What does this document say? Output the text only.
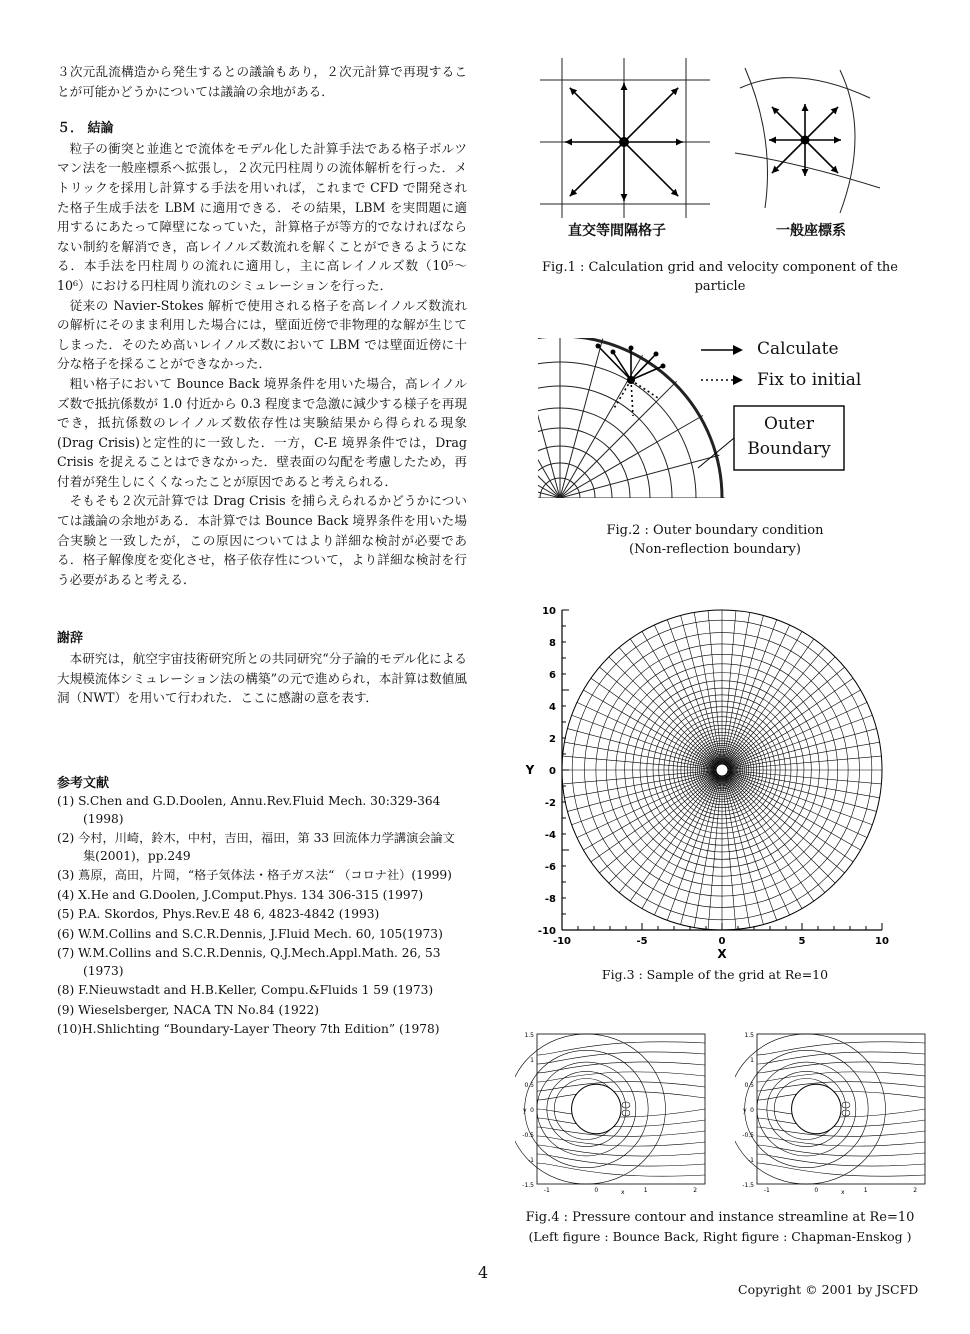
３次元乱流構造から発生するとの議論もあり，２次元計算で再現することが可能かどうかについては議論の余地がある．

５． 結論

粒子の衝突と並進とで流体をモデル化した計算手法である格子ボルツマン法を一般座標系へ拡張し，２次元円柱周りの流体解析を行った．メトリックを採用し計算する手法を用いれば，これまで CFD で開発された格子生成手法を LBM に適用できる．その結果，LBM を実問題に適用するにあたって障壁になっていた，計算格子が等方的でなければならない制約を解消でき，高レイノルズ数流れを解くことができるようになる．本手法を円柱周りの流れに適用し，主に高レイノルズ数（10⁵〜10⁶）における円柱周り流れのシミュレーションを行った．

従来の Navier-Stokes 解析で使用される格子を高レイノルズ数流れの解析にそのまま利用した場合には，壁面近傍で非物理的な解が生じてしまった．そのため高いレイノルズ数において LBM では壁面近傍に十分な格子を採ることができなかった．

粗い格子において Bounce Back 境界条件を用いた場合，高レイノルズ数で抵抗係数が 1.0 付近から 0.3 程度まで急激に減少する様子を再現でき，抵抗係数のレイノルズ数依存性は実験結果から得られる現象(Drag Crisis)と定性的に一致した．一方，C-E 境界条件では，Drag Crisis を捉えることはできなかった．壁表面の勾配を考慮したため，再付着が発生しにくくなったことが原因であると考えられる．

そもそも２次元計算では Drag Crisis を捕らえられるかどうかについては議論の余地がある．本計算では Bounce Back 境界条件を用いた場合実験と一致したが，この原因についてはより詳細な検討が必要である．格子解像度を変化させ，格子依存性について，より詳細な検討を行う必要があると考える．

謝辞

本研究は，航空宇宙技術研究所との共同研究“分子論的モデル化による大規模流体シミュレーション法の構築”の元で進められ，本計算は数値風洞（NWT）を用いて行われた．ここに感謝の意を表す．

参考文献

(1) S.Chen and G.D.Doolen, Annu.Rev.Fluid Mech. 30:329-364 (1998)
(2) 今村，川崎，鈴木，中村，吉田，福田，第 33 回流体力学講演会論文集(2001)，pp.249
(3) 蔦原，高田，片岡，“格子気体法・格子ガス法“ （コロナ社）(1999)
(4) X.He and G.Doolen, J.Comput.Phys. 134 306-315 (1997)
(5) P.A. Skordos, Phys.Rev.E 48 6, 4823-4842 (1993)
(6) W.M.Collins and S.C.R.Dennis, J.Fluid Mech. 60, 105(1973)
(7) W.M.Collins and S.C.R.Dennis, Q.J.Mech.Appl.Math. 26, 53 (1973)
(8) F.Nieuwstadt and H.B.Keller, Compu.&Fluids 1 59 (1973)
(9) Wieselsberger, NACA TN No.84 (1922)
(10)H.Shlichting “Boundary-Layer Theory 7th Edition” (1978)
直交等間隔格子	一般座標系
Fig.1 : Calculation grid and velocity component of the
particle
Calculate
Fix to initial
Outer
Boundary
Fig.2 : Outer boundary condition
(Non-reflection boundary)
10
8
6
4
2
0
-2
-4
-6
-8
-10
-10	-5	0	5	10
X
Y
Fig.3 : Sample of the grid at Re=10
1.5
1
0.5
0
-0.5
-1
-1.5
-1	0	1	2
y
x
1.5
1
0.5
0
-0.5
-1
-1.5
-1	0	1	2
y
x
Fig.4 : Pressure contour and instance streamline at Re=10
(Left figure : Bounce Back, Right figure : Chapman-Enskog )
4
Copyright © 2001 by JSCFD
